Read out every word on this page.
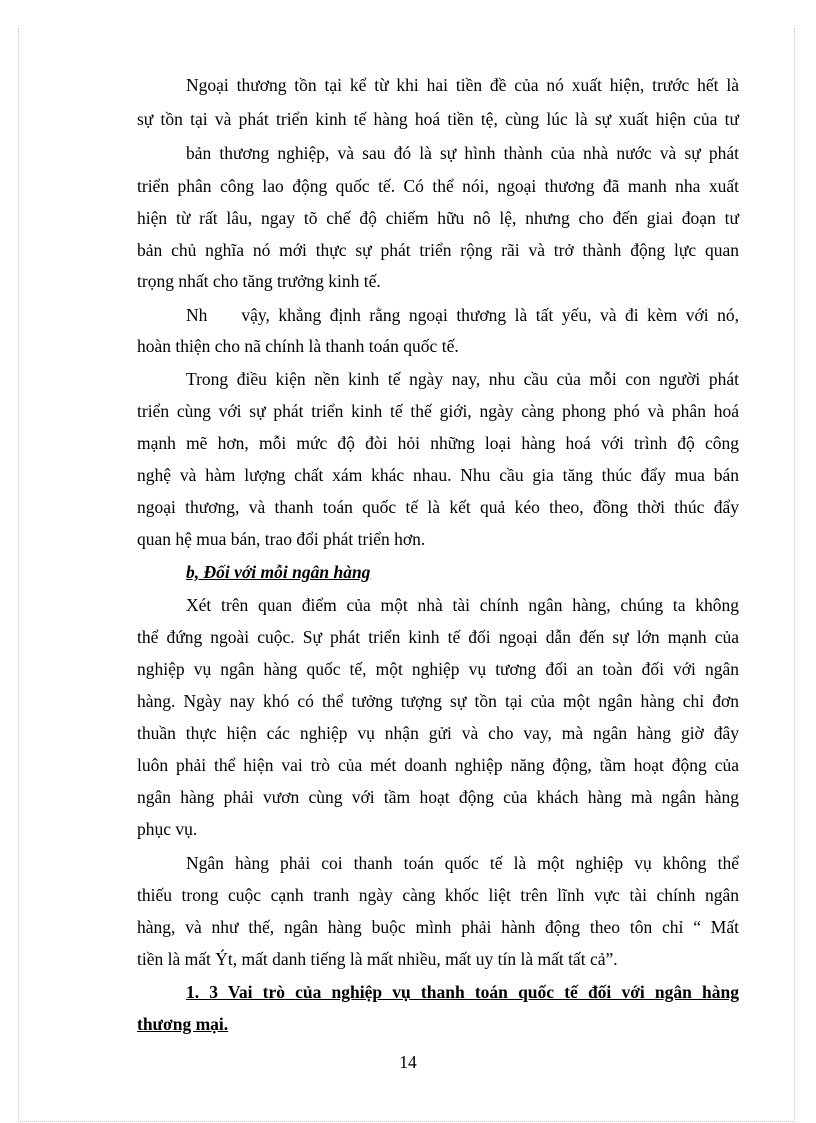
Ngoại thương tồn tại kể từ khi hai tiền đề của nó xuất hiện, trước hết là
sự tồn tại và phát triển kinh tế hàng hoá tiền tệ, cùng lúc là sự xuất hiện của tư
bản thương nghiệp, và sau đó là sự hình thành của nhà nước và sự phát
triển phân công lao động quốc tế. Có thể nói, ngoại thương đã manh nha xuất
hiện từ rất lâu, ngay tõ chế độ chiếm hữu nô lệ, nhưng cho đến giai đoạn tư
bản chủ nghĩa nó mới thực sự phát triển rộng rãi và trở thành động lực quan
trọng nhất cho tăng trưởng kinh tế.
Nh    vậy, khẳng định rằng ngoại thương là tất yếu, và đi kèm với nó,
hoàn thiện cho nã chính là thanh toán quốc tế.
Trong điều kiện nền kinh tế ngày nay, nhu cầu của mỗi con người phát
triển cùng với sự phát triển kinh tế thế giới, ngày càng phong phó và phân hoá
mạnh mẽ hơn, mỗi mức độ đòi hỏi những loại hàng hoá với trình độ công
nghệ và hàm lượng chất xám khác nhau. Nhu cầu gia tăng thúc đẩy mua bán
ngoại thương, và thanh toán quốc tế là kết quả kéo theo, đồng thời thúc đẩy
quan hệ mua bán, trao đổi phát triển hơn.
b, Đối với mỗi ngân hàng
Xét trên quan điểm của một nhà tài chính ngân hàng, chúng ta không
thể đứng ngoài cuộc. Sự phát triển kinh tế đối ngoại dẫn đến sự lớn mạnh của
nghiệp vụ ngân hàng quốc tế, một nghiệp vụ tương đối an toàn đối với ngân
hàng. Ngày nay khó có thể tưởng tượng sự tồn tại của một ngân hàng chỉ đơn
thuần thực hiện các nghiệp vụ nhận gửi và cho vay, mà ngân hàng giờ đây
luôn phải thể hiện vai trò của mét doanh nghiệp năng động, tầm hoạt động của
ngân hàng phải vươn cùng với tầm hoạt động của khách hàng mà ngân hàng
phục vụ.
Ngân hàng phải coi thanh toán quốc tế là một nghiệp vụ không thể
thiếu trong cuộc cạnh tranh ngày càng khốc liệt trên lĩnh vực tài chính ngân
hàng, và như thế, ngân hàng buộc mình phải hành động theo tôn chỉ “ Mất
tiền là mất Ýt, mất danh tiếng là mất nhiều, mất uy tín là mất tất cả”.
1. 3 Vai trò của nghiệp vụ thanh toán quốc tế đối với ngân hàng
thương mại.
14
